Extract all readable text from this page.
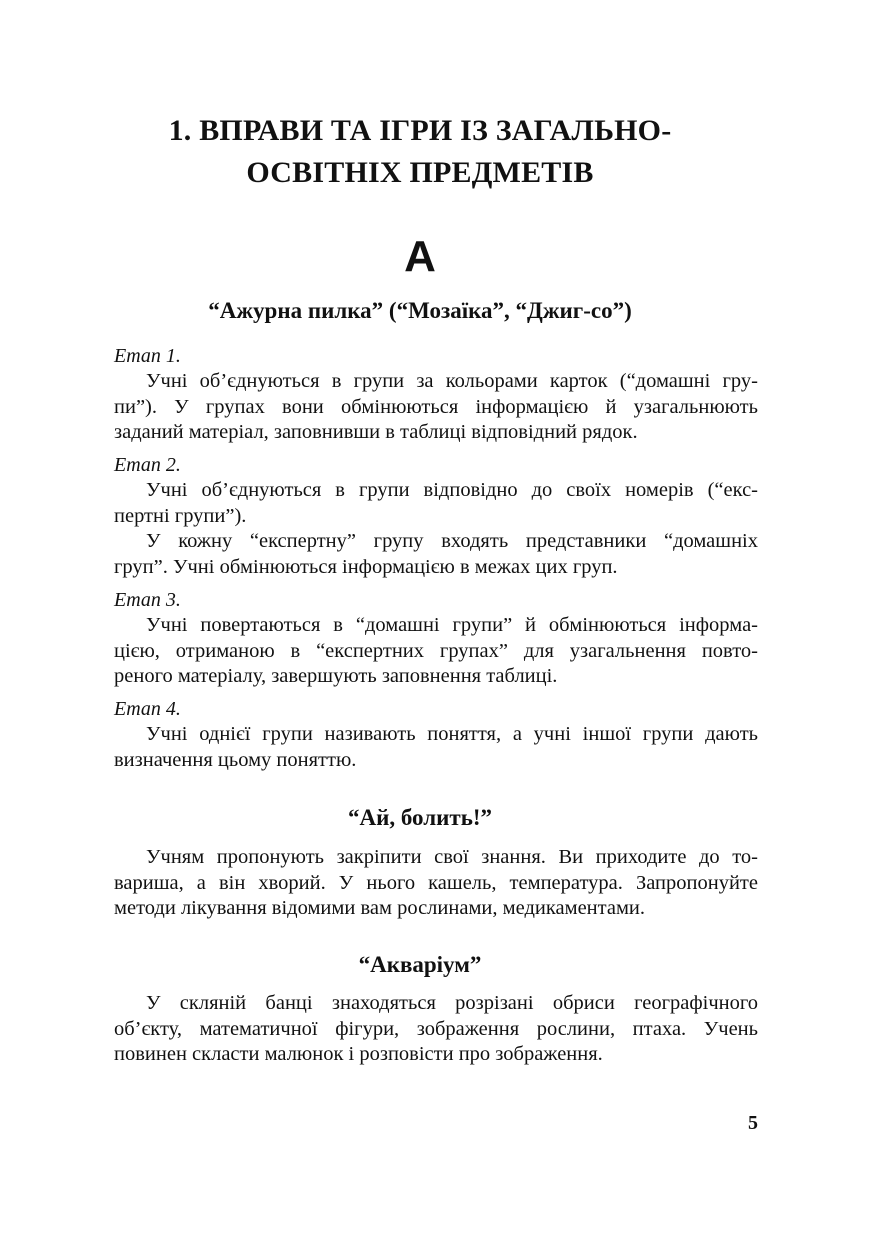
1. ВПРАВИ ТА ІГРИ ІЗ ЗАГАЛЬНО-
ОСВІТНІХ ПРЕДМЕТІВ
А
“Ажурна пилка” (“Мозаїка”, “Джиг-со”)
Етап 1.
Учні об’єднуються в групи за кольорами карток (“домашні гру-
пи”). У групах вони обмінюються інформацією й узагальнюють
заданий матеріал, заповнивши в таблиці відповідний рядок.
Етап 2.
Учні об’єднуються в групи відповідно до своїх номерів (“екс-
пертні групи”).
У кожну “експертну” групу входять представники “домашніх
груп”. Учні обмінюються інформацією в межах цих груп.
Етап 3.
Учні повертаються в “домашні групи” й обмінюються інформа-
цією, отриманою в “експертних групах” для узагальнення повто-
реного матеріалу, завершують заповнення таблиці.
Етап 4.
Учні однієї групи називають поняття, а учні іншої групи дають
визначення цьому поняттю.
“Ай, болить!”
Учням пропонують закріпити свої знання. Ви приходите до то-
вариша, а він хворий. У нього кашель, температура. Запропонуйте
методи лікування відомими вам рослинами, медикаментами.
“Акваріум”
У скляній банці знаходяться розрізані обриси географічного
об’єкту, математичної фігури, зображення рослини, птаха. Учень
повинен скласти малюнок і розповісти про зображення.
5
